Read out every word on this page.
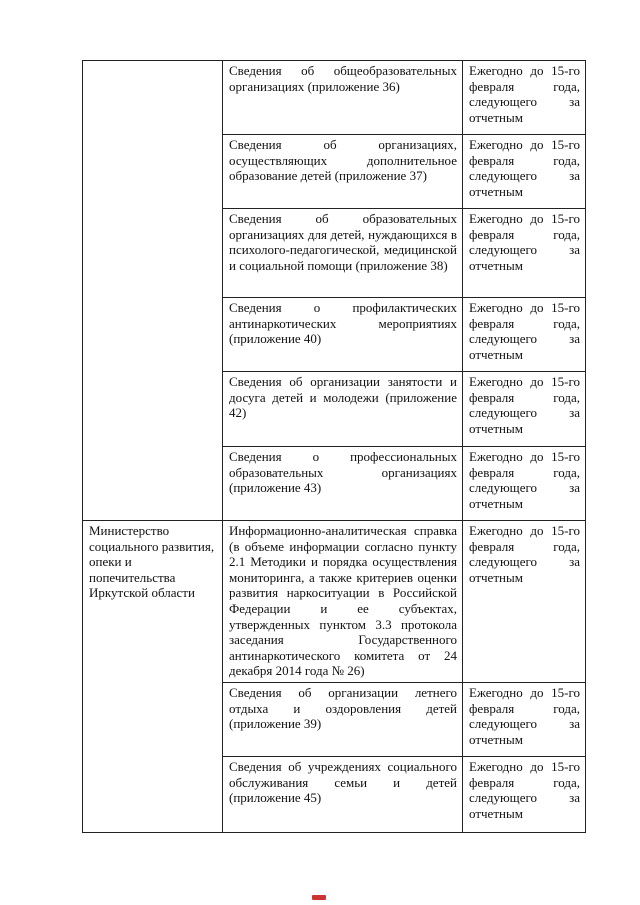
	Сведения об общеобразовательных организациях (приложение 36)	Ежегодно до 15-го февраля года, следующего за отчетным
	Сведения об организациях, осуществляющих дополнительное образование детей (приложение 37)	Ежегодно до 15-го февраля года, следующего за отчетным
	Сведения об образовательных организациях для детей, нуждающихся в психолого-педагогической, медицинской и социальной помощи (приложение 38)	Ежегодно до 15-го февраля года, следующего за отчетным
	Сведения о профилактических антинаркотических мероприятиях (приложение 40)	Ежегодно до 15-го февраля года, следующего за отчетным
	Сведения об организации занятости и досуга детей и молодежи (приложение 42)	Ежегодно до 15-го февраля года, следующего за отчетным
	Сведения о профессиональных образовательных организациях (приложение 43)	Ежегодно до 15-го февраля года, следующего за отчетным
Министерство социального развития, опеки и попечительства Иркутской области	Информационно-аналитическая справка (в объеме информации согласно пункту 2.1 Методики и порядка осуществления мониторинга, а также критериев оценки развития наркоситуации в Российской Федерации и ее субъектах, утвержденных пунктом 3.3 протокола заседания Государственного антинаркотического комитета от 24 декабря 2014 года № 26)	Ежегодно до 15-го февраля года, следующего за отчетным
	Сведения об организации летнего отдыха и оздоровления детей (приложение 39)	Ежегодно до 15-го февраля года, следующего за отчетным
	Сведения об учреждениях социального обслуживания семьи и детей (приложение 45)	Ежегодно до 15-го февраля года, следующего за отчетным
